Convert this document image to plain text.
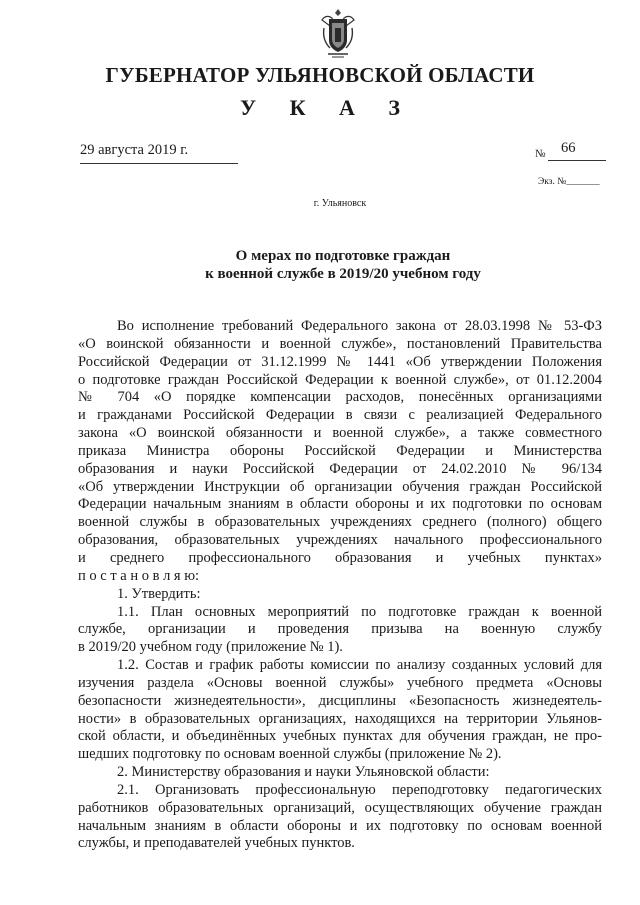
ГУБЕРНАТОР УЛЬЯНОВСКОЙ ОБЛАСТИ
У К А З
29 августа 2019 г.	№ 66
Экз. №_______
г. Ульяновск
О мерах по подготовке граждан
к военной службе в 2019/20 учебном году
Во исполнение требований Федерального закона от 28.03.1998 № 53-ФЗ
«О воинской обязанности и военной службе», постановлений Правительства
Российской Федерации от 31.12.1999 № 1441 «Об утверждении Положения
о подготовке граждан Российской Федерации к военной службе», от 01.12.2004
№ 704 «О порядке компенсации расходов, понесённых организациями
и гражданами Российской Федерации в связи с реализацией Федерального
закона «О воинской обязанности и военной службе», а также совместного
приказа Министра обороны Российской Федерации и Министерства
образования и науки Российской Федерации от 24.02.2010 № 96/134
«Об утверждении Инструкции об организации обучения граждан Российской
Федерации начальным знаниям в области обороны и их подготовки по основам
военной службы в образовательных учреждениях среднего (полного) общего
образования, образовательных учреждениях начального профессионального
и среднего профессионального образования и учебных пунктах»
п о с т а н о в л я ю:
1. Утвердить:
1.1. План основных мероприятий по подготовке граждан к военной
службе, организации и проведения призыва на военную службу
в 2019/20 учебном году (приложение № 1).
1.2. Состав и график работы комиссии по анализу созданных условий для
изучения раздела «Основы военной службы» учебного предмета «Основы
безопасности жизнедеятельности», дисциплины «Безопасность жизнедеятель-
ности» в образовательных организациях, находящихся на территории Ульянов-
ской области, и объединённых учебных пунктах для обучения граждан, не про-
шедших подготовку по основам военной службы (приложение № 2).
2. Министерству образования и науки Ульяновской области:
2.1. Организовать профессиональную переподготовку педагогических
работников образовательных организаций, осуществляющих обучение граждан
начальным знаниям в области обороны и их подготовку по основам военной
службы, и преподавателей учебных пунктов.
